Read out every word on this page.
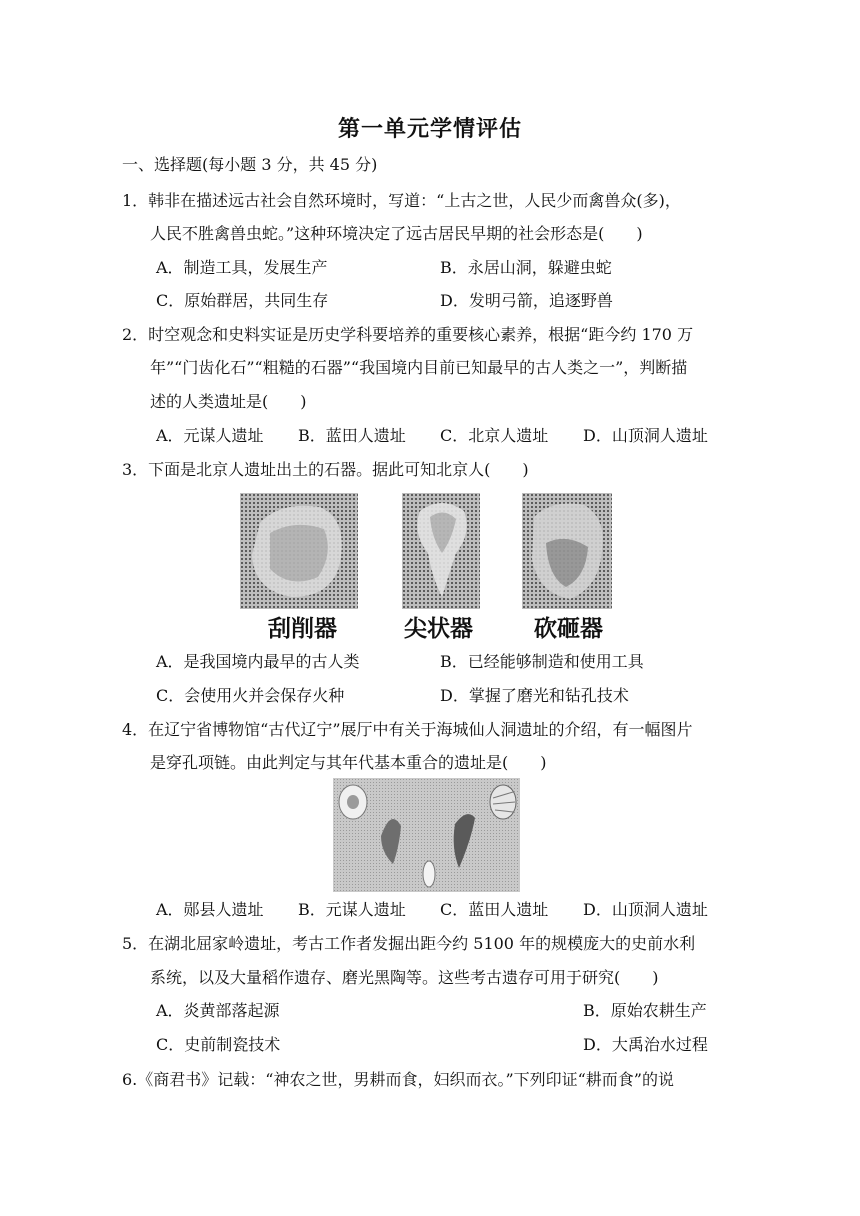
第一单元学情评估
一、选择题(每小题 3 分，共 45 分)
1．韩非在描述远古社会自然环境时，写道：“上古之世，人民少而禽兽众(多)，
人民不胜禽兽虫蛇。”这种环境决定了远古居民早期的社会形态是(　　)
A．制造工具，发展生产	B．永居山洞，躲避虫蛇
C．原始群居，共同生存	D．发明弓箭，追逐野兽
2．时空观念和史料实证是历史学科要培养的重要核心素养，根据“距今约 170 万
年”“门齿化石”“粗糙的石器”“我国境内目前已知最早的古人类之一”，判断描
述的人类遗址是(　　)
A．元谋人遗址 B．蓝田人遗址 C．北京人遗址 D．山顶洞人遗址
3．下面是北京人遗址出土的石器。据此可知北京人(　　)
刮削器	尖状器	砍砸器
A．是我国境内最早的古人类	B．已经能够制造和使用工具
C．会使用火并会保存火种	D．掌握了磨光和钻孔技术
4．在辽宁省博物馆“古代辽宁”展厅中有关于海城仙人洞遗址的介绍，有一幅图片
是穿孔项链。由此判定与其年代基本重合的遗址是(　　)
A．郧县人遗址 B．元谋人遗址 C．蓝田人遗址 D．山顶洞人遗址
5．在湖北屈家岭遗址，考古工作者发掘出距今约 5100 年的规模庞大的史前水利
系统，以及大量稻作遗存、磨光黑陶等。这些考古遗存可用于研究(　　)
A．炎黄部落起源	B．原始农耕生产
C．史前制瓷技术	D．大禹治水过程
6.《商君书》记载：“神农之世，男耕而食，妇织而衣。”下列印证“耕而食”的说
